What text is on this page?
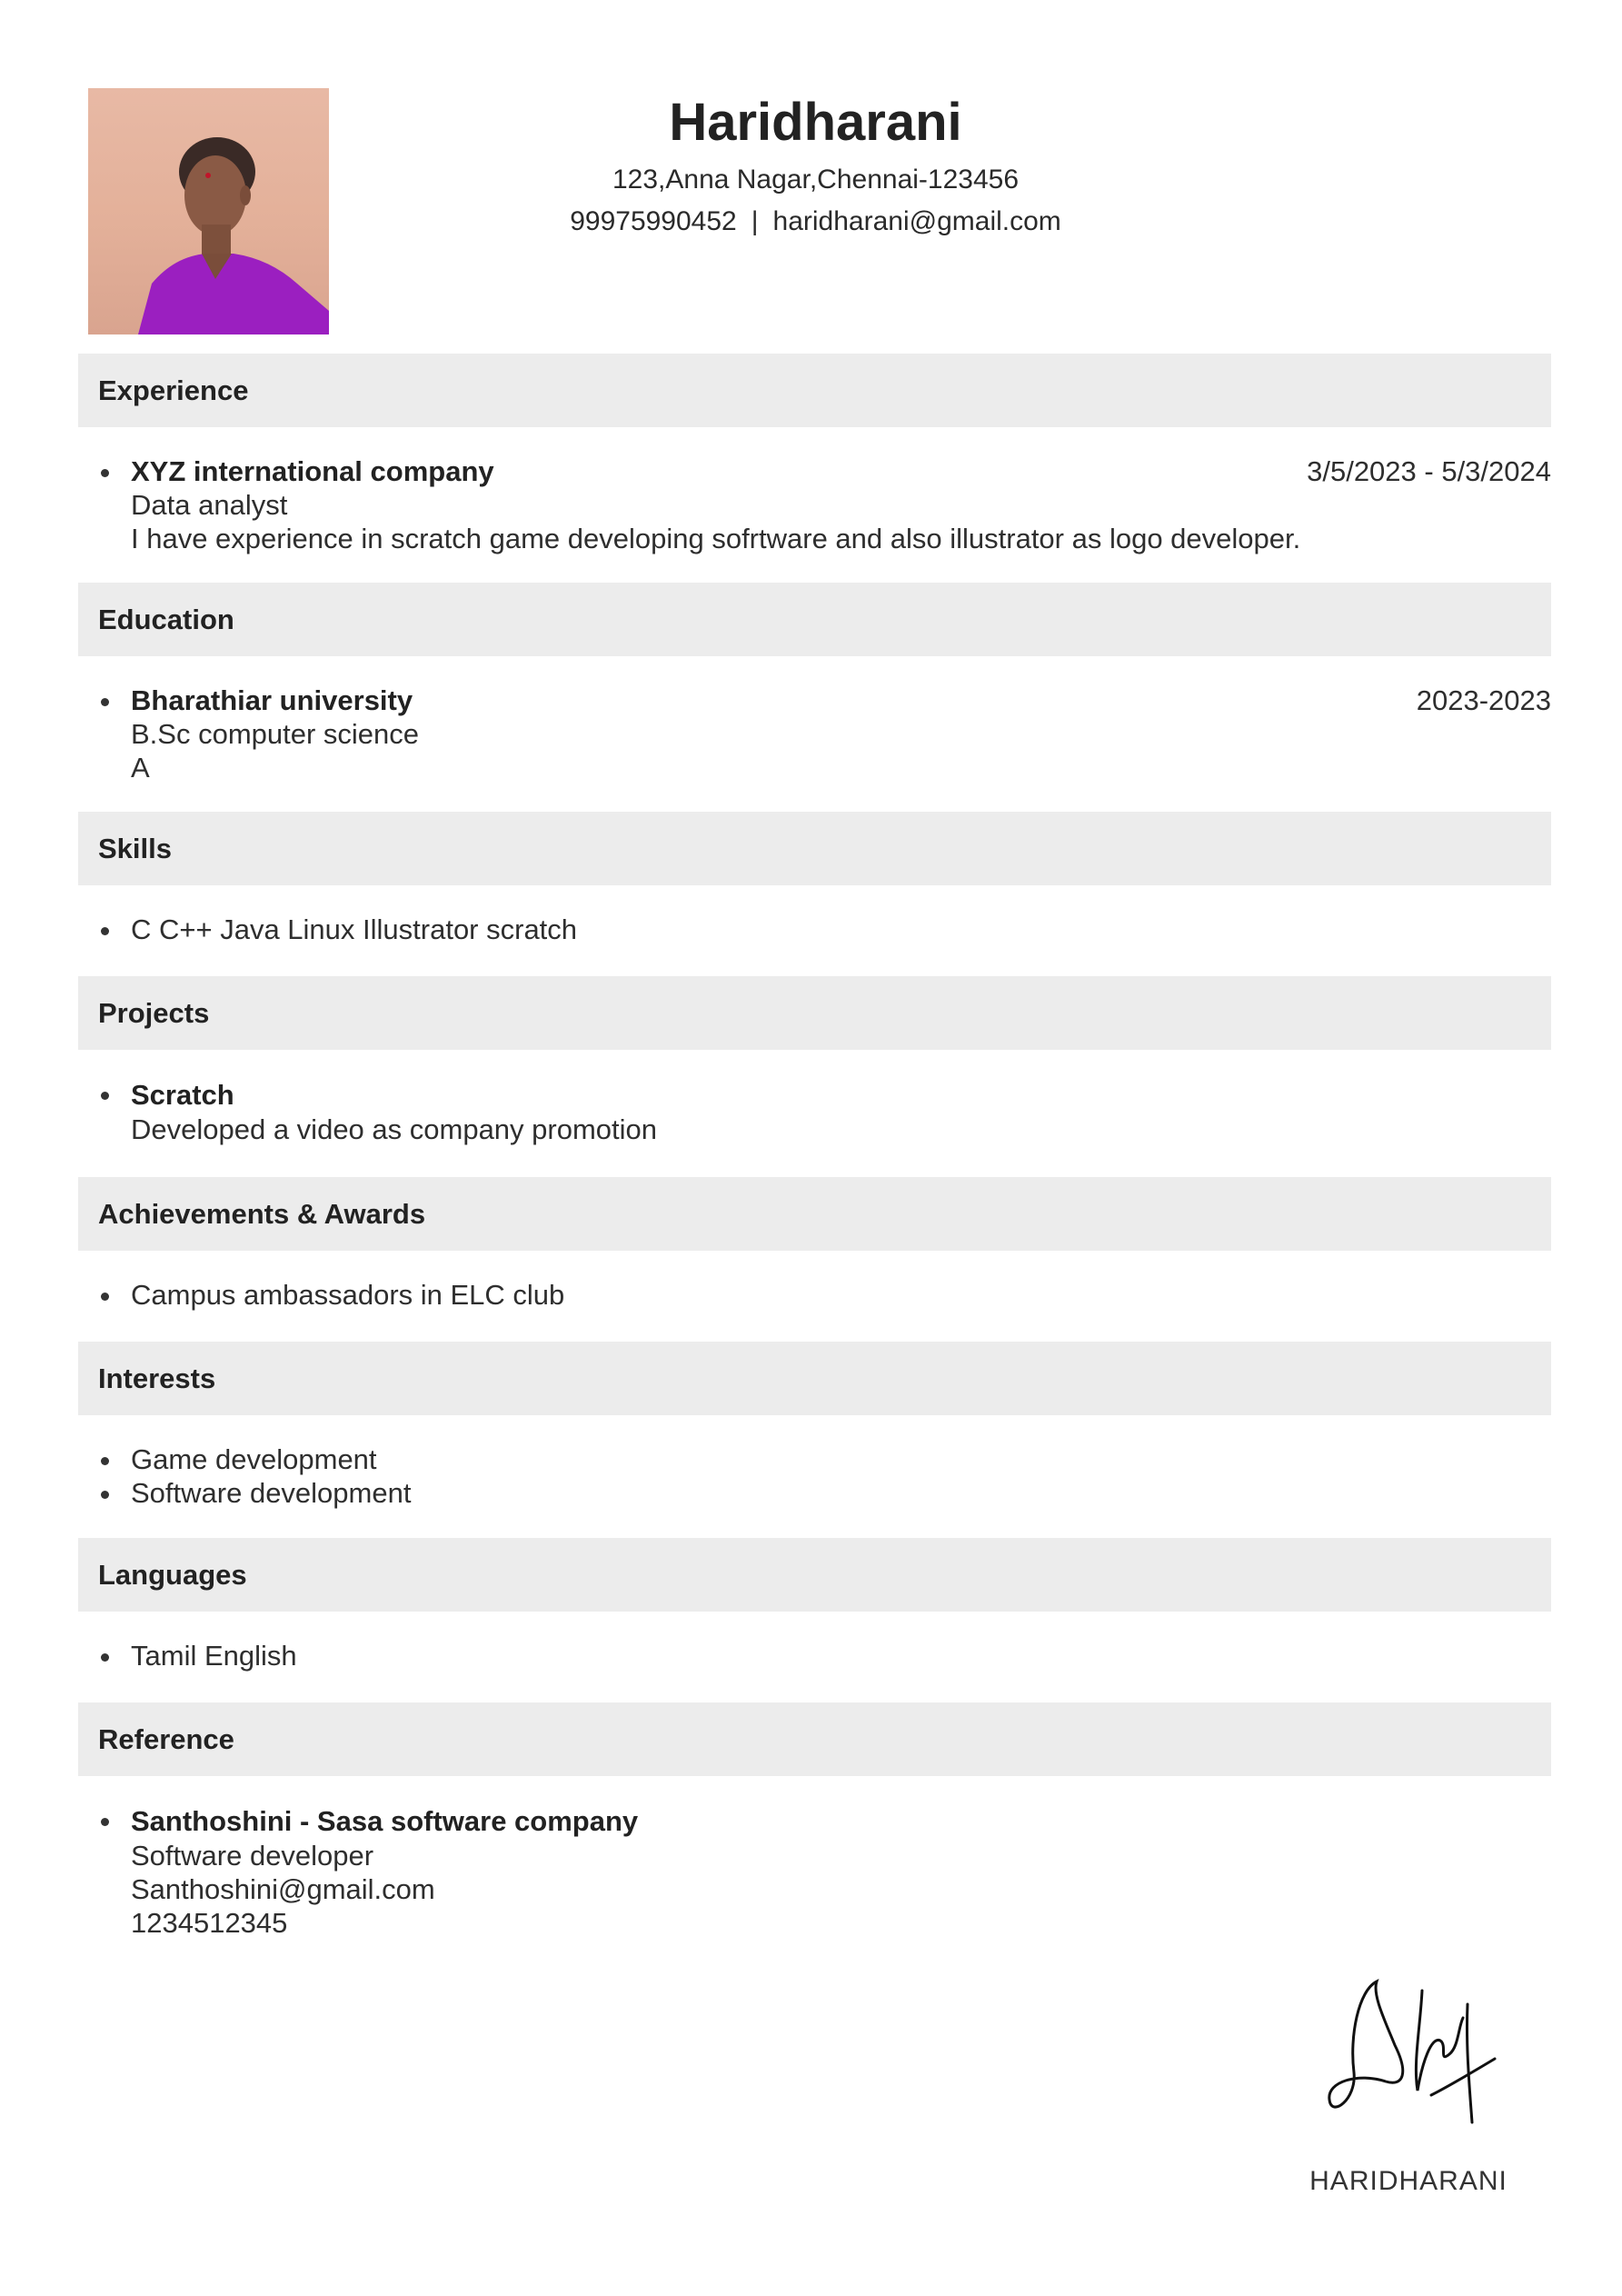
Haridharani
123,Anna Nagar,Chennai-123456
99975990452 | haridharani@gmail.com
Experience
XYZ international company	3/5/2023 - 5/3/2024
Data analyst
I have experience in scratch game developing sofrtware and also illustrator as logo developer.
Education
Bharathiar university	2023-2023
B.Sc computer science
A
Skills
C C++ Java Linux Illustrator scratch
Projects
Scratch
Developed a video as company promotion
Achievements & Awards
Campus ambassadors in ELC club
Interests
Game development
Software development
Languages
Tamil English
Reference
Santhoshini - Sasa software company
Software developer
Santhoshini@gmail.com
1234512345
HARIDHARANI
